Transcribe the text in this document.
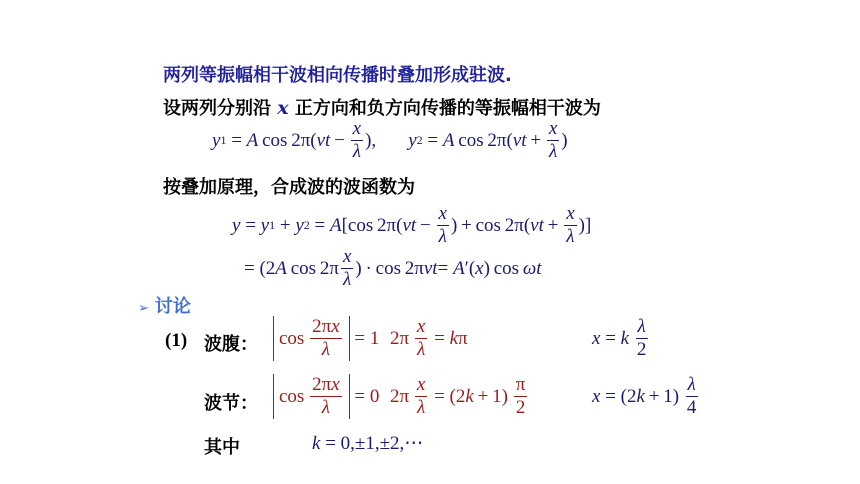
两列等振幅相干波相向传播时叠加形成驻波.
设两列分别沿 x 正方向和负方向传播的等振幅相干波为
y 1 = A  cos 2π( $\nu t - \frac{x}{\lambda}$ ), y 2 = A  cos 2π( $\nu t + \frac{x}{\lambda}$ )
按叠加原理，合成波的波函数为
y = y 1 + y 2 = A [cos 2π( $\nu t - \frac{x}{\lambda}$ ) + cos 2π( $\nu t + \frac{x}{\lambda}$ )]
= (2 A  $\cos 2\pi \frac{x}{\lambda}$ ) · cos 2π νt = A ′( x ) cos  ωt
➢ 讨论
(1) 波腹：	$\cos \frac{2\pi x}{\lambda} = 1$ $2\pi \frac{x}{\lambda} = k$ π	x = k
  $\frac{\lambda}{2}$
波节：	$\cos \frac{2\pi x}{\lambda} = 0$ $2\pi \frac{x}{\lambda} = (2$ $k + 1) \frac{\pi}{2}$	x = (2 $k + 1) \frac{\lambda}{4}$
其中	k = 0,±1,±2,⋯
